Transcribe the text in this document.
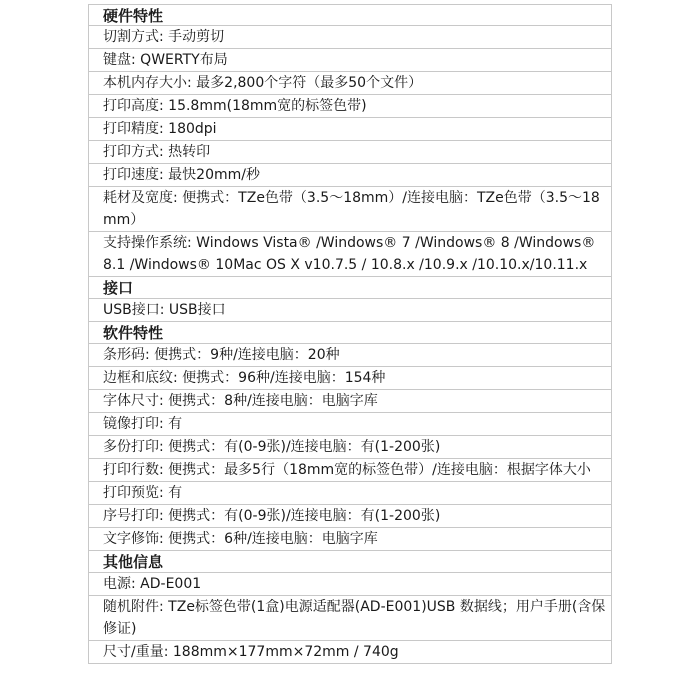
硬件特性
切割方式: 手动剪切
键盘: QWERTY布局
本机内存大小: 最多2,800个字符（最多50个文件）
打印高度: 15.8mm(18mm宽的标签色带)
打印精度: 180dpi
打印方式: 热转印
打印速度: 最快20mm/秒
耗材及宽度: 便携式：TZe色带（3.5～18mm）/连接电脑：TZe色带（3.5～18mm）
支持操作系统: Windows Vista® /Windows® 7 /Windows® 8 /Windows® 8.1 /Windows® 10Mac OS X v10.7.5 / 10.8.x /10.9.x /10.10.x/10.11.x
接口
USB接口: USB接口
软件特性
条形码: 便携式：9种/连接电脑：20种
边框和底纹: 便携式：96种/连接电脑：154种
字体尺寸: 便携式：8种/连接电脑：电脑字库
镜像打印: 有
多份打印: 便携式：有(0-9张)/连接电脑：有(1-200张)
打印行数: 便携式：最多5行（18mm宽的标签色带）/连接电脑：根据字体大小
打印预览: 有
序号打印: 便携式：有(0-9张)/连接电脑：有(1-200张)
文字修饰: 便携式：6种/连接电脑：电脑字库
其他信息
电源: AD-E001
随机附件: TZe标签色带(1盒)电源适配器(AD-E001)USB 数据线；用户手册(含保修证)
尺寸/重量: 188mm×177mm×72mm / 740g
